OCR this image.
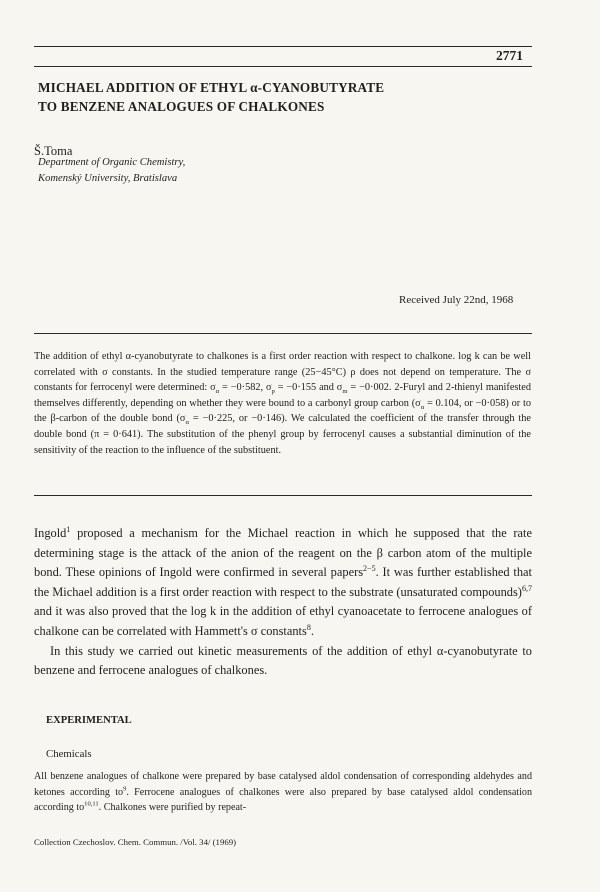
2771
MICHAEL ADDITION OF ETHYL α-CYANOBUTYRATE
TO BENZENE ANALOGUES OF CHALKONES
Š.Toma
Department of Organic Chemistry,
Komenský University, Bratislava
Received July 22nd, 1968

The addition of ethyl α-cyanobutyrate to chalkones is a first order reaction with respect to chalkone. log k can be well correlated with σ constants. In the studied temperature range (25−45°C) ρ does not depend on temperature. The σ constants for ferrocenyl were determined: $\sigma_\alpha = -0\cdot 582$, $\sigma_p = -0\cdot 155$ and $\sigma_m = -0\cdot 002$. 2-Furyl and 2-thienyl manifested themselves differently, depending on whether they were bound to a carbonyl group carbon ($\sigma_\alpha = 0.104$, or −0·058) or to the β-carbon of the double bond ($\sigma_\alpha = -0\cdot 225$, or −0·146). We calculated the coefficient of the transfer through the double bond (π = 0·641). The substitution of the phenyl group by ferrocenyl causes a substantial diminution of the sensitivity of the reaction to the influence of the substituent.

Ingold$^1$ proposed a mechanism for the Michael reaction in which he supposed that the rate determining stage is the attack of the anion of the reagent on the β carbon atom of the multiple bond. These opinions of Ingold were confirmed in several papers$^{2-5}$. It was further established that the Michael addition is a first order reaction with respect to the substrate (unsaturated compounds)$^{6,7}$ and it was also proved that the log k in the addition of ethyl cyanoacetate to ferrocene analogues of chalkone can be correlated with Hammett's σ constants$^8$.

In this study we carried out kinetic measurements of the addition of ethyl α-cyanobutyrate to benzene and ferrocene analogues of chalkones.

EXPERIMENTAL
Chemicals

All benzene analogues of chalkone were prepared by base catalysed aldol condensation of corresponding aldehydes and ketones according $to^9$. Ferrocene analogues of chalkones were also prepared by base catalysed aldol condensation according to$^{10,11}$. Chalkones were purified by repeat-

Collection Czechoslov. Chem. Commun. /Vol. 34/ (1969)
